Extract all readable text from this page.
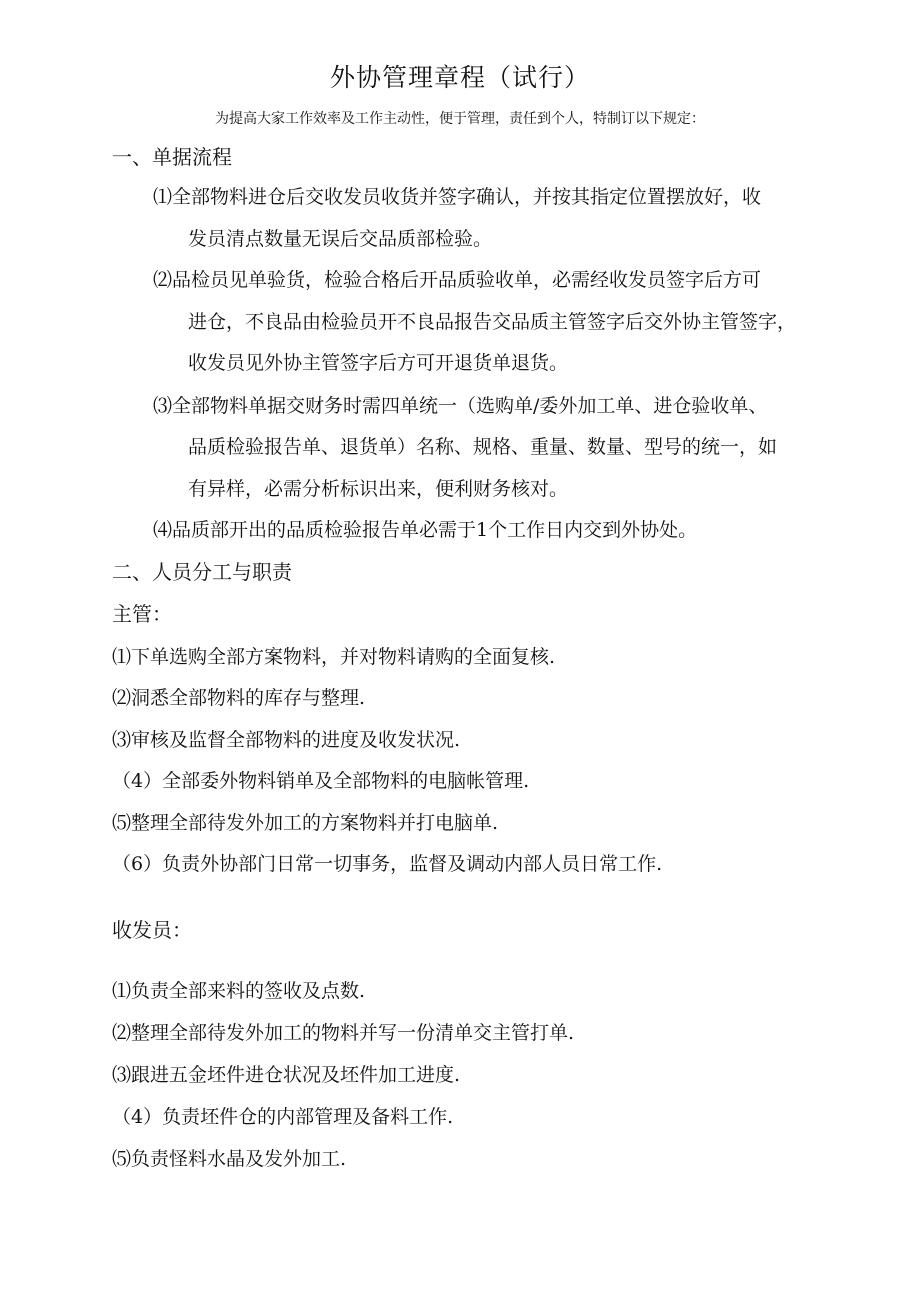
外协管理章程（试行）
为提高大家工作效率及工作主动性，便于管理，责任到个人，特制订以下规定：
一、单据流程
⑴全部物料进仓后交收发员收货并签字确认，并按其指定位置摆放好，收
发员清点数量无误后交品质部检验。
⑵品检员见单验货，检验合格后开品质验收单，必需经收发员签字后方可
进仓，不良品由检验员开不良品报告交品质主管签字后交外协主管签字，
收发员见外协主管签字后方可开退货单退货。
⑶全部物料单据交财务时需四单统一（选购单/委外加工单、进仓验收单、
品质检验报告单、退货单）名称、规格、重量、数量、型号的统一，如
有异样，必需分析标识出来，便利财务核对。
⑷品质部开出的品质检验报告单必需于1个工作日内交到外协处。
二、人员分工与职责
主管：
⑴下单选购全部方案物料，并对物料请购的全面复核.
⑵洞悉全部物料的库存与整理.
⑶审核及监督全部物料的进度及收发状况.
（4）全部委外物料销单及全部物料的电脑帐管理.
⑸整理全部待发外加工的方案物料并打电脑单.
（6）负责外协部门日常一切事务，监督及调动内部人员日常工作.
收发员：
⑴负责全部来料的签收及点数.
⑵整理全部待发外加工的物料并写一份清单交主管打单.
⑶跟进五金坯件进仓状况及坯件加工进度.
（4）负责坯件仓的内部管理及备料工作.
⑸负责怪料水晶及发外加工.
